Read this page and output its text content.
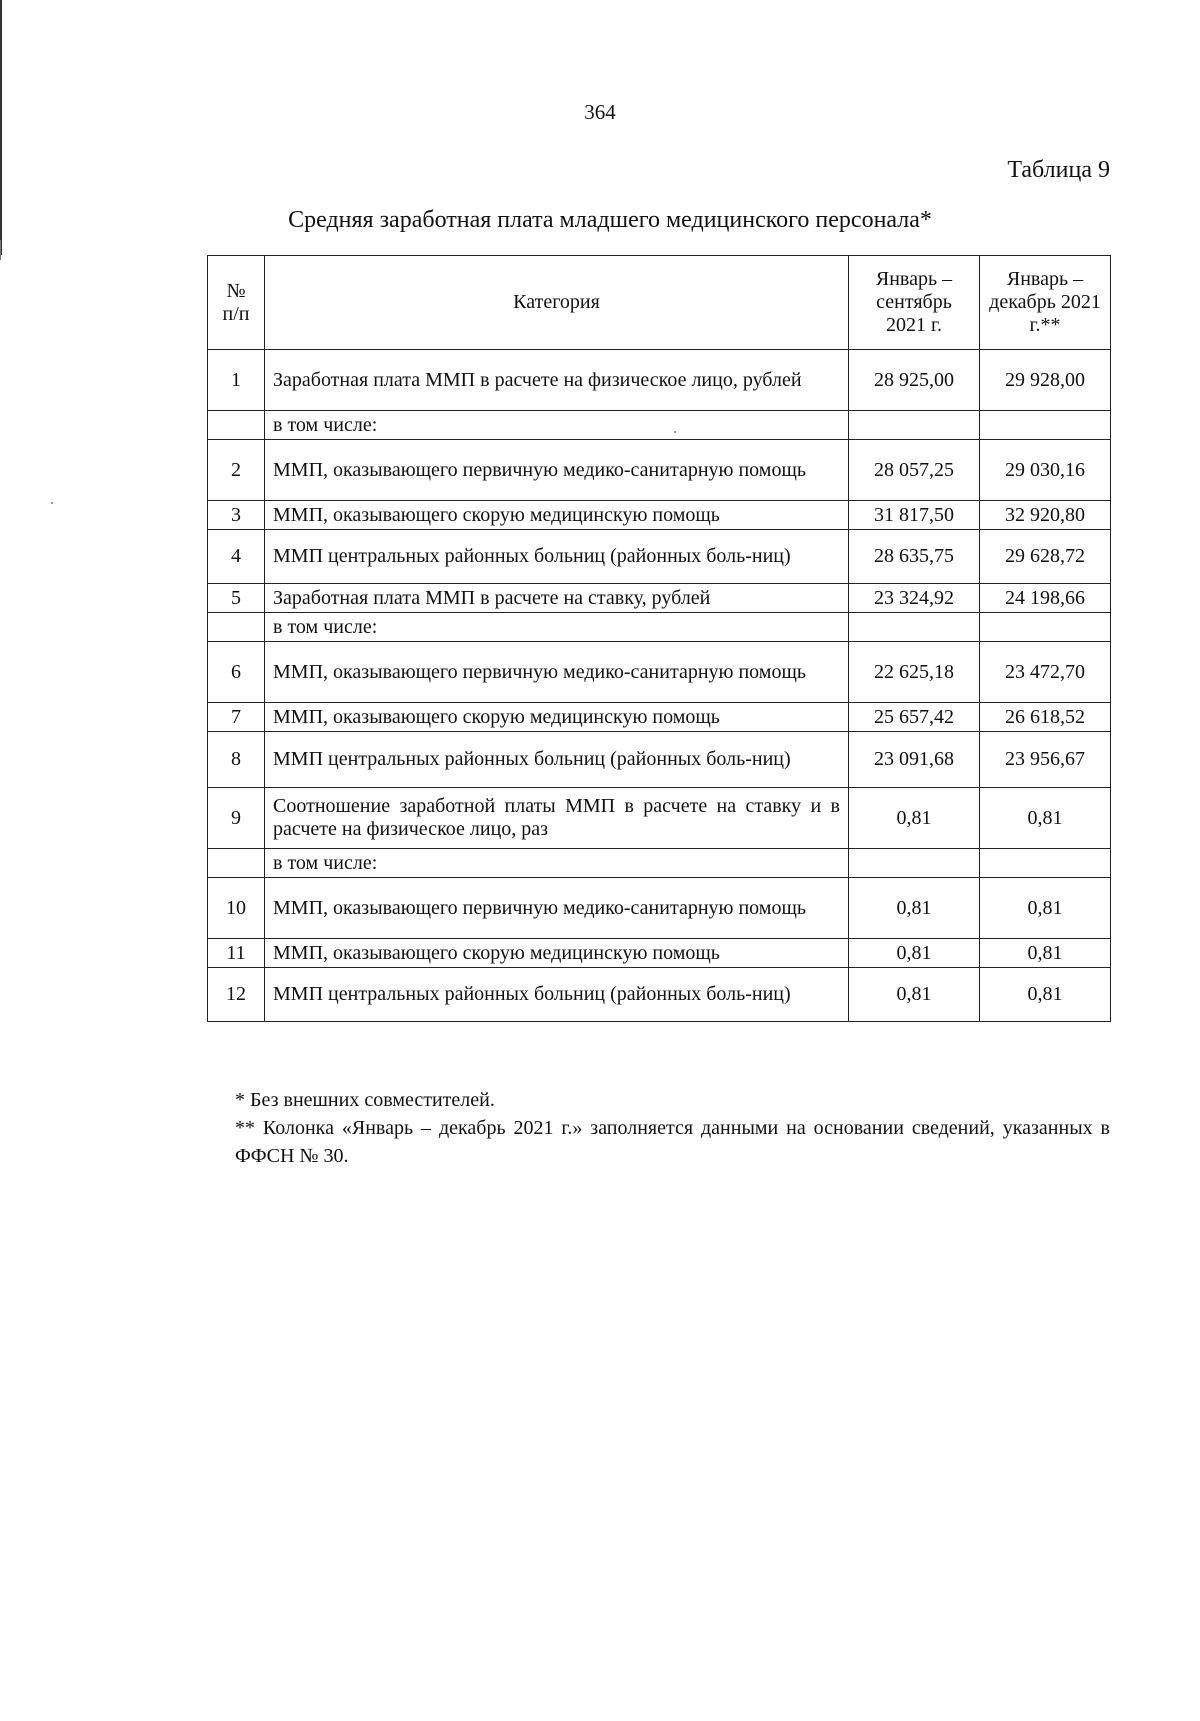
364
Таблица 9
Средняя заработная плата младшего медицинского персонала*
№ п/п	Категория	Январь – сентябрь 2021 г.	Январь – декабрь 2021 г.**
1	Заработная плата ММП в расчете на физическое лицо, рублей	28 925,00	29 928,00
	в том числе:		
2	ММП, оказывающего первичную медико-санитарную помощь	28 057,25	29 030,16
3	ММП, оказывающего скорую медицинскую помощь	31 817,50	32 920,80
4	ММП центральных районных больниц (районных боль-ниц)	28 635,75	29 628,72
5	Заработная плата ММП в расчете на ставку, рублей	23 324,92	24 198,66
	в том числе:		
6	ММП, оказывающего первичную медико-санитарную помощь	22 625,18	23 472,70
7	ММП, оказывающего скорую медицинскую помощь	25 657,42	26 618,52
8	ММП центральных районных больниц (районных боль-ниц)	23 091,68	23 956,67
9	Соотношение заработной платы ММП в расчете на ставку и в расчете на физическое лицо, раз	0,81	0,81
	в том числе:		
10	ММП, оказывающего первичную медико-санитарную помощь	0,81	0,81
11	ММП, оказывающего скорую медицинскую помощь	0,81	0,81
12	ММП центральных районных больниц (районных боль-ниц)	0,81	0,81

* Без внешних совместителей.

** Колонка «Январь – декабрь 2021 г.» заполняется данными на основании сведений, указанных в ФФСН № 30.
